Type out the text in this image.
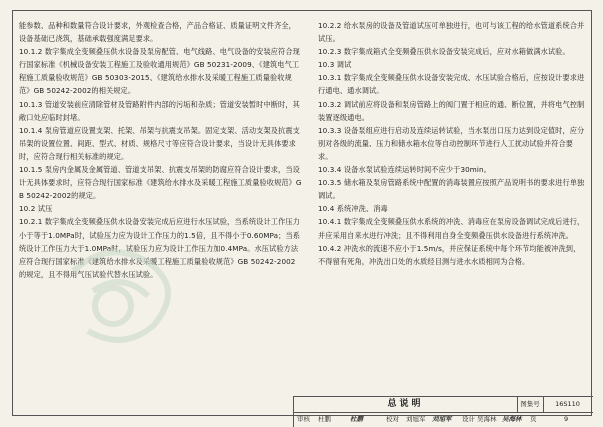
能参数、品种和数量符合设计要求，外观检查合格，产品合格证、质量证明文件齐全，设备基础已浇筑，基础承载强度满足要求。

10.1.2 数字集成全变频叠压供水设备及泵房配管、电气线路、电气设备的安装应符合现行国家标准《机械设备安装工程施工及验收通用规范》GB 50231-2009、《建筑电气工程施工质量验收规范》GB 50303-2015、《建筑给水排水及采暖工程施工质量验收规范》GB 50242-2002的相关规定。

10.1.3 管道安装前应清除管材及管路附件内部的污垢和杂质；管道安装暂时中断时，其敞口处应临时封堵。

10.1.4 泵房管道应设置支架、托架、吊架与抗震支吊架。固定支架、活动支架及抗震支吊架的设置位置、间距、型式、材质、规格尺寸等应符合设计要求，当设计无具体要求时，应符合现行相关标准的规定。

10.1.5 泵房内金属及金属管道、管道支吊架、抗震支吊架的防腐应符合设计要求，当设计无具体要求时，应符合现行国家标准《建筑给水排水及采暖工程施工质量验收规范》GB 50242-2002的规定。

10.2 试压

10.2.1 数字集成全变频叠压供水设备安装完成后应进行水压试验，当系统设计工作压力小于等于1.0MPa时，试验压力应为设计工作压力的1.5倍，且不得小于0.60MPa；当系统设计工作压力大于1.0MPa时，试验压力应为设计工作压力加0.4MPa。水压试验方法应符合现行国家标准《建筑给水排水及采暖工程施工质量验收规范》GB 50242-2002的规定，且不得用气压试验代替水压试验。

10.2.2 给水泵房的设备及管道试压可单独进行，也可与该工程的给水管道系统合并试压。

10.2.3 数字集成箱式全变频叠压供水设备安装完成后，应对水箱做满水试验。

10.3 调试

10.3.1 数字集成全变频叠压供水设备安装完成、水压试验合格后，应按设计要求进行通电、通水调试。

10.3.2 调试前应将设备和泵房管路上的阀门置于相应的通、断位置，并将电气控制装置逐级通电。

10.3.3 设备泵组应进行启动及连续运转试验，当水泵出口压力达到设定值时，应分别对各级的流量、压力和储水箱水位等自动控制环节进行人工扰动试验并符合要求。

10.3.4 设备水泵试验连续运转时间不应少于30min。

10.3.5 储水箱及泵房管路系统中配置的消毒装置应按照产品说明书的要求进行单独调试。

10.4 系统冲洗、消毒

10.4.1 数字集成全变频叠压供水系统的冲洗、消毒应在泵房设备调试完成后进行，并应采用自来水进行冲洗；且不得利用自身全变频叠压供水设备进行系统冲洗。

10.4.2 冲洗水的流速不应小于1.5m/s，并应保证系统中每个环节均能被冲洗到，不得留有死角，冲洗出口处的水质经目测与进水水质相同为合格。

总说明	图集号	16S110
审核 杜鹏	杜鹏	校对 刘旭军 刘旭军 设计 吴海林 吴海林 页	9
